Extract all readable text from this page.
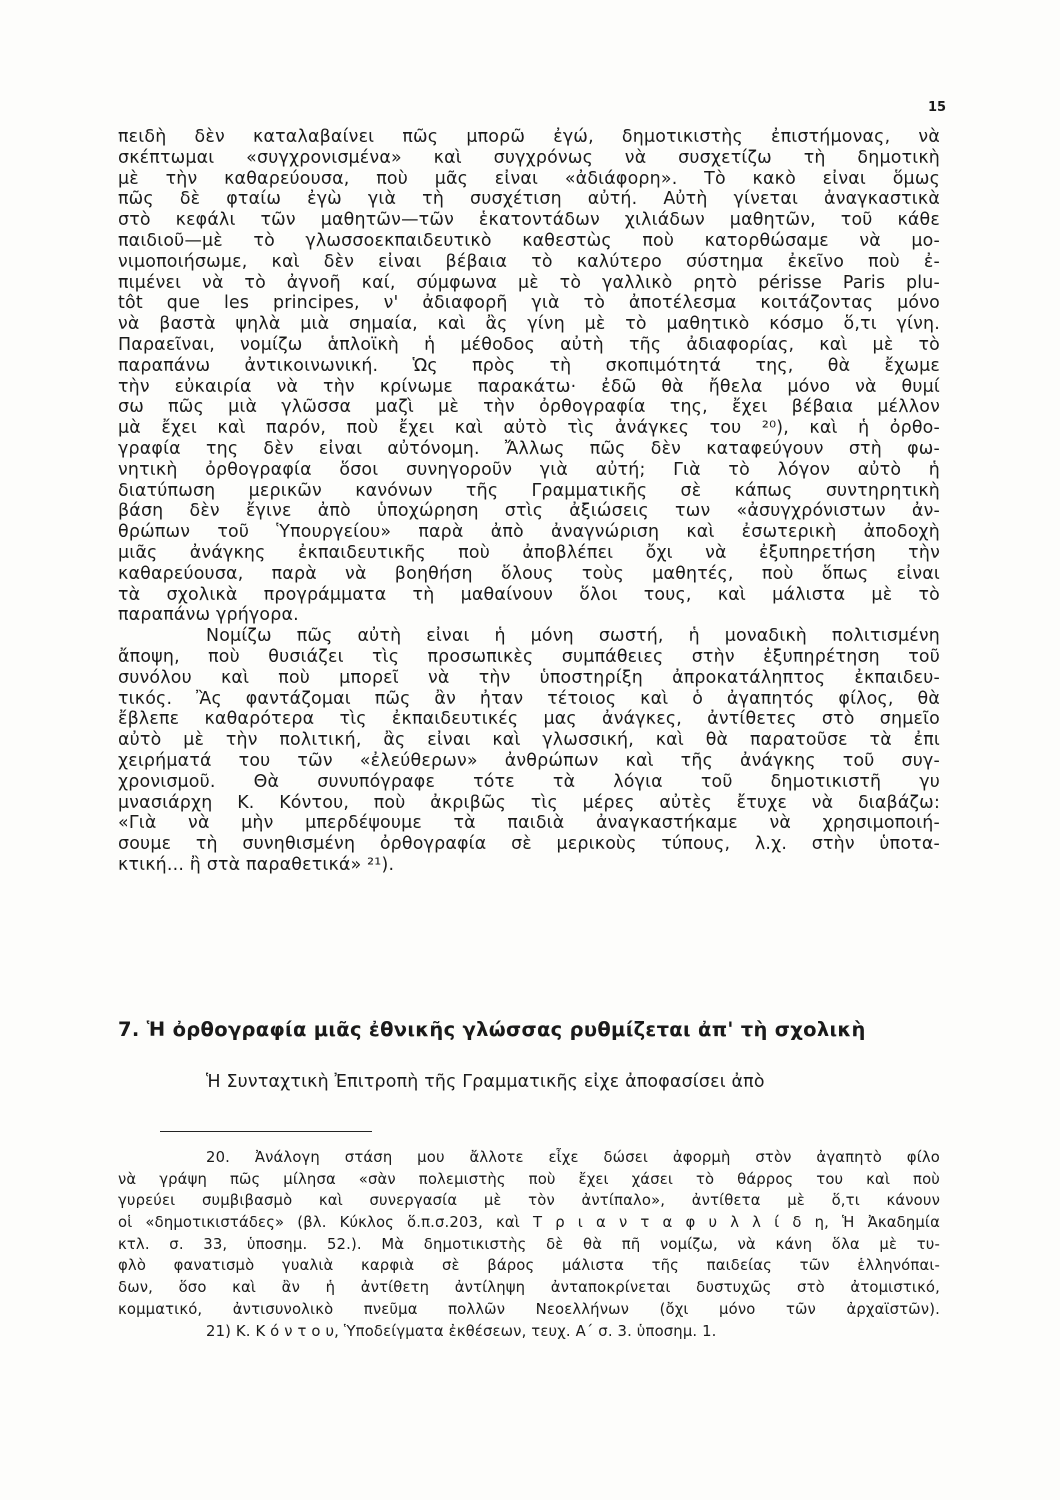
15
πειδὴ δὲν καταλαβαίνει πῶς μπορῶ ἐγώ, δημοτικιστὴς ἐπιστήμονας, νὰ
σκέπτωμαι «συγχρονισμένα» καὶ συγχρόνως νὰ συσχετίζω τὴ δημοτικὴ
μὲ τὴν καθαρεύουσα, ποὺ μᾶς εἶναι «ἀδιάφορη». Τὸ κακὸ εἶναι ὅμως
πῶς δὲ φταίω ἐγὼ γιὰ τὴ συσχέτιση αὐτή. Αὐτὴ γίνεται ἀναγκαστικὰ
στὸ κεφάλι τῶν μαθητῶν—τῶν ἑκατοντάδων χιλιάδων μαθητῶν, τοῦ κάθε
παιδιοῦ—μὲ τὸ γλωσσοεκπαιδευτικὸ καθεστὼς ποὺ κατορθώσαμε νὰ μο-
νιμοποιήσωμε, καὶ δὲν εἶναι βέβαια τὸ καλύτερο σύστημα ἐκεῖνο ποὺ ἐ-
πιμένει νὰ τὸ ἀγνοῆ καί, σύμφωνα μὲ τὸ γαλλικὸ ρητὸ périsse Paris plu-
tôt que les principes, ν' ἀδιαφορῆ γιὰ τὸ ἀποτέλεσμα κοιτάζοντας μόνο
νὰ βαστὰ ψηλὰ μιὰ σημαία, καὶ ἂς γίνη μὲ τὸ μαθητικὸ κόσμο ὅ,τι γίνη.
Παραεῖναι, νομίζω ἁπλοϊκὴ ἡ μέθοδος αὐτὴ τῆς ἀδιαφορίας, καὶ μὲ τὸ
παραπάνω ἀντικοινωνική. Ὡς πρὸς τὴ σκοπιμότητά της, θὰ ἔχωμε
τὴν εὐκαιρία νὰ τὴν κρίνωμε παρακάτω· ἐδῶ θὰ ἤθελα μόνο νὰ θυμί
σω πῶς μιὰ γλῶσσα μαζὶ μὲ τὴν ὀρθογραφία της, ἔχει βέβαια μέλλον
μὰ ἔχει καὶ παρόν, ποὺ ἔχει καὶ αὐτὸ τὶς ἀνάγκες του ²⁰), καὶ ἡ ὀρθο-
γραφία της δὲν εἶναι αὐτόνομη. Ἄλλως πῶς δὲν καταφεύγουν στὴ φω-
νητικὴ ὀρθογραφία ὅσοι συνηγοροῦν γιὰ αὐτή; Γιὰ τὸ λόγον αὐτὸ ἡ
διατύπωση μερικῶν κανόνων τῆς Γραμματικῆς σὲ κάπως συντηρητικὴ
βάση δὲν ἔγινε ἀπὸ ὑποχώρηση στὶς ἀξιώσεις των «ἀσυγχρόνιστων ἀν-
θρώπων τοῦ Ὑπουργείου» παρὰ ἀπὸ ἀναγνώριση καὶ ἐσωτερικὴ ἀποδοχὴ
μιᾶς ἀνάγκης ἐκπαιδευτικῆς ποὺ ἀποβλέπει ὄχι νὰ ἐξυπηρετήση τὴν
καθαρεύουσα, παρὰ νὰ βοηθήση ὅλους τοὺς μαθητές, ποὺ ὅπως εἶναι
τὰ σχολικὰ προγράμματα τὴ μαθαίνουν ὅλοι τους, καὶ μάλιστα μὲ τὸ
παραπάνω γρήγορα.
Νομίζω πῶς αὐτὴ εἶναι ἡ μόνη σωστή, ἡ μοναδικὴ πολιτισμένη
ἄποψη, ποὺ θυσιάζει τὶς προσωπικὲς συμπάθειες στὴν ἐξυπηρέτηση τοῦ
συνόλου καὶ ποὺ μπορεῖ νὰ τὴν ὑποστηρίξη ἀπροκατάληπτος ἐκπαιδευ-
τικός. Ἂς φαντάζομαι πῶς ἂν ἦταν τέτοιος καὶ ὁ ἀγαπητός φίλος, θὰ
ἔβλεπε καθαρότερα τὶς ἐκπαιδευτικές μας ἀνάγκες, ἀντίθετες στὸ σημεῖο
αὐτὸ μὲ τὴν πολιτική, ἂς εἶναι καὶ γλωσσική, καὶ θὰ παρατοῦσε τὰ ἐπι
χειρήματά του τῶν «ἐλεύθερων» ἀνθρώπων καὶ τῆς ἀνάγκης τοῦ συγ-
χρονισμοῦ. Θὰ συνυπόγραφε τότε τὰ λόγια τοῦ δημοτικιστῆ γυ
μνασιάρχη Κ. Κόντου, ποὺ ἀκριβῶς τὶς μέρες αὐτὲς ἔτυχε νὰ διαβάζω:
«Γιὰ νὰ μὴν μπερδέψουμε τὰ παιδιὰ ἀναγκαστήκαμε νὰ χρησιμοποιή-
σουμε τὴ συνηθισμένη ὀρθογραφία σὲ μερικοὺς τύπους, λ.χ. στὴν ὑποτα-
κτική... ἢ στὰ παραθετικά» ²¹).
7. Ἡ ὀρθογραφία μιᾶς ἐθνικῆς γλώσσας ρυθμίζεται ἀπ' τὴ σχολικὴ
Ἡ Συνταχτικὴ Ἐπιτροπὴ τῆς Γραμματικῆς εἶχε ἀποφασίσει ἀπὸ
20. Ἀνάλογη στάση μου ἄλλοτε εἶχε δώσει ἀφορμὴ στὸν ἀγαπητὸ φίλο
νὰ γράψη πῶς μίλησα «σὰν πολεμιστὴς ποὺ ἔχει χάσει τὸ θάρρος του καὶ ποὺ
γυρεύει συμβιβασμὸ καὶ συνεργασία μὲ τὸν ἀντίπαλο», ἀντίθετα μὲ ὅ,τι κάνουν
οἱ «δημοτικιστάδες» (βλ. Κύκλος ὅ.π.σ.203, καὶ Τ ρ ι α ν τ α φ υ λ λ ί δ η, Ἡ Ἀκαδημία
κτλ. σ. 33, ὑποσημ. 52.). Μὰ δημοτικιστὴς δὲ θὰ πῆ νομίζω, νὰ κάνη ὅλα μὲ τυ-
φλὸ φανατισμὸ γυαλιὰ καρφιὰ σὲ βάρος μάλιστα τῆς παιδείας τῶν ἑλληνόπαι-
δων, ὅσο καὶ ἂν ἡ ἀντίθετη ἀντίληψη ἀνταποκρίνεται δυστυχῶς στὸ ἀτομιστικό,
κομματικό, ἀντισυνολικὸ πνεῦμα πολλῶν Νεοελλήνων (ὄχι μόνο τῶν ἀρχαϊστῶν).
21) Κ. Κ ό ν τ ο υ, Ὑποδείγματα ἐκθέσεων, τευχ. Α΄ σ. 3. ὑποσημ. 1.
